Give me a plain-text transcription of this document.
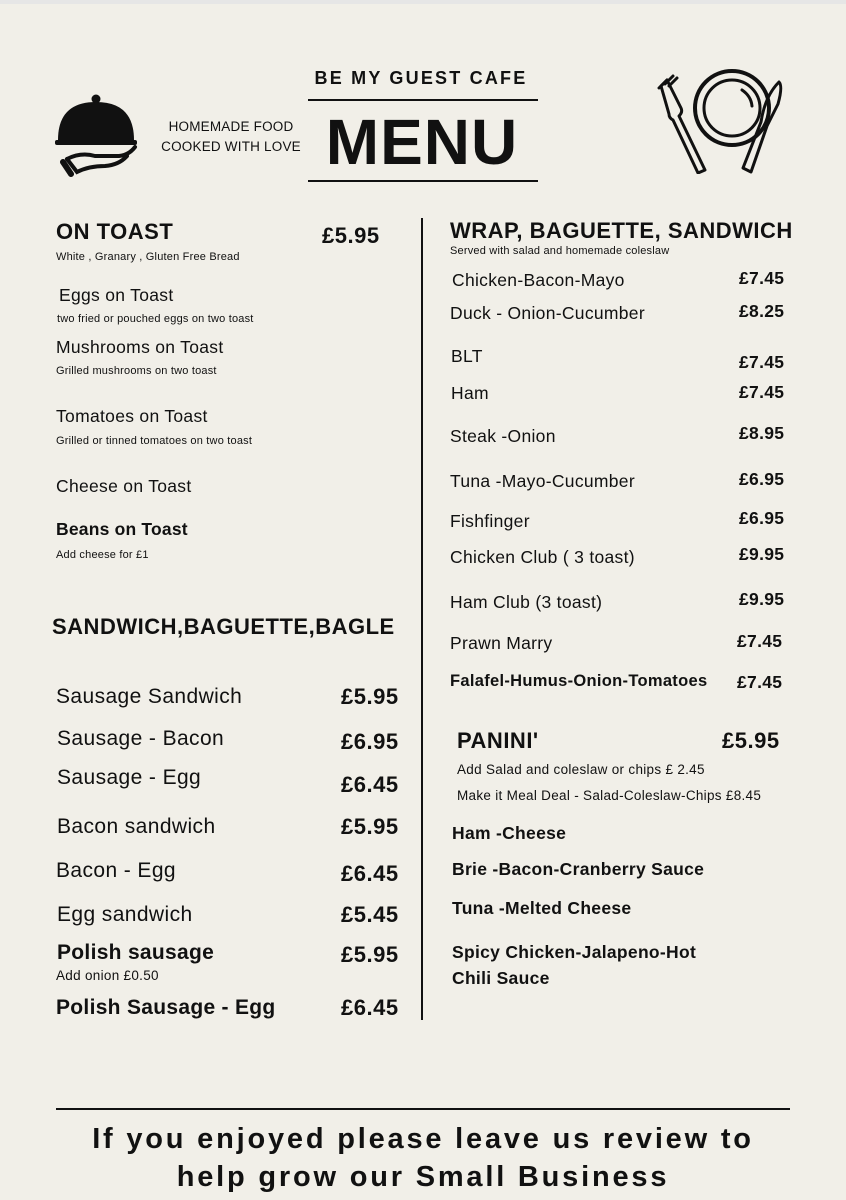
HOMEMADE FOOD
COOKED WITH LOVE
BE MY GUEST CAFE
MENU
ON TOAST	£5.95
White , Granary , Gluten Free Bread
Eggs on Toast
two fried or pouched eggs on two toast
Mushrooms on Toast
Grilled mushrooms on two toast
Tomatoes on Toast
Grilled or tinned tomatoes on two toast
Cheese on Toast
Beans on Toast
Add cheese for £1
SANDWICH,BAGUETTE,BAGLE
Sausage Sandwich	£5.95
Sausage - Bacon	£6.95
Sausage - Egg	£6.45
Bacon sandwich	£5.95
Bacon - Egg	£6.45
Egg sandwich	£5.45
Polish sausage	£5.95
Add onion £0.50
Polish Sausage - Egg	£6.45
WRAP, BAGUETTE, SANDWICH
Served with salad and homemade coleslaw
Chicken-Bacon-Mayo	£7.45
Duck - Onion-Cucumber	£8.25
BLT	£7.45
Ham	£7.45
Steak -Onion	£8.95
Tuna -Mayo-Cucumber	£6.95
Fishfinger	£6.95
Chicken Club ( 3 toast)	£9.95
Ham Club (3 toast)	£9.95
Prawn Marry	£7.45
Falafel-Humus-Onion-Tomatoes £7.45
PANINI'	£5.95
Add Salad and coleslaw or chips £ 2.45
Make it Meal Deal - Salad-Coleslaw-Chips £8.45
Ham -Cheese
Brie -Bacon-Cranberry Sauce
Tuna -Melted Cheese
Spicy Chicken-Jalapeno-Hot
Chili Sauce
If you enjoyed please leave us review to
help grow our Small Business
